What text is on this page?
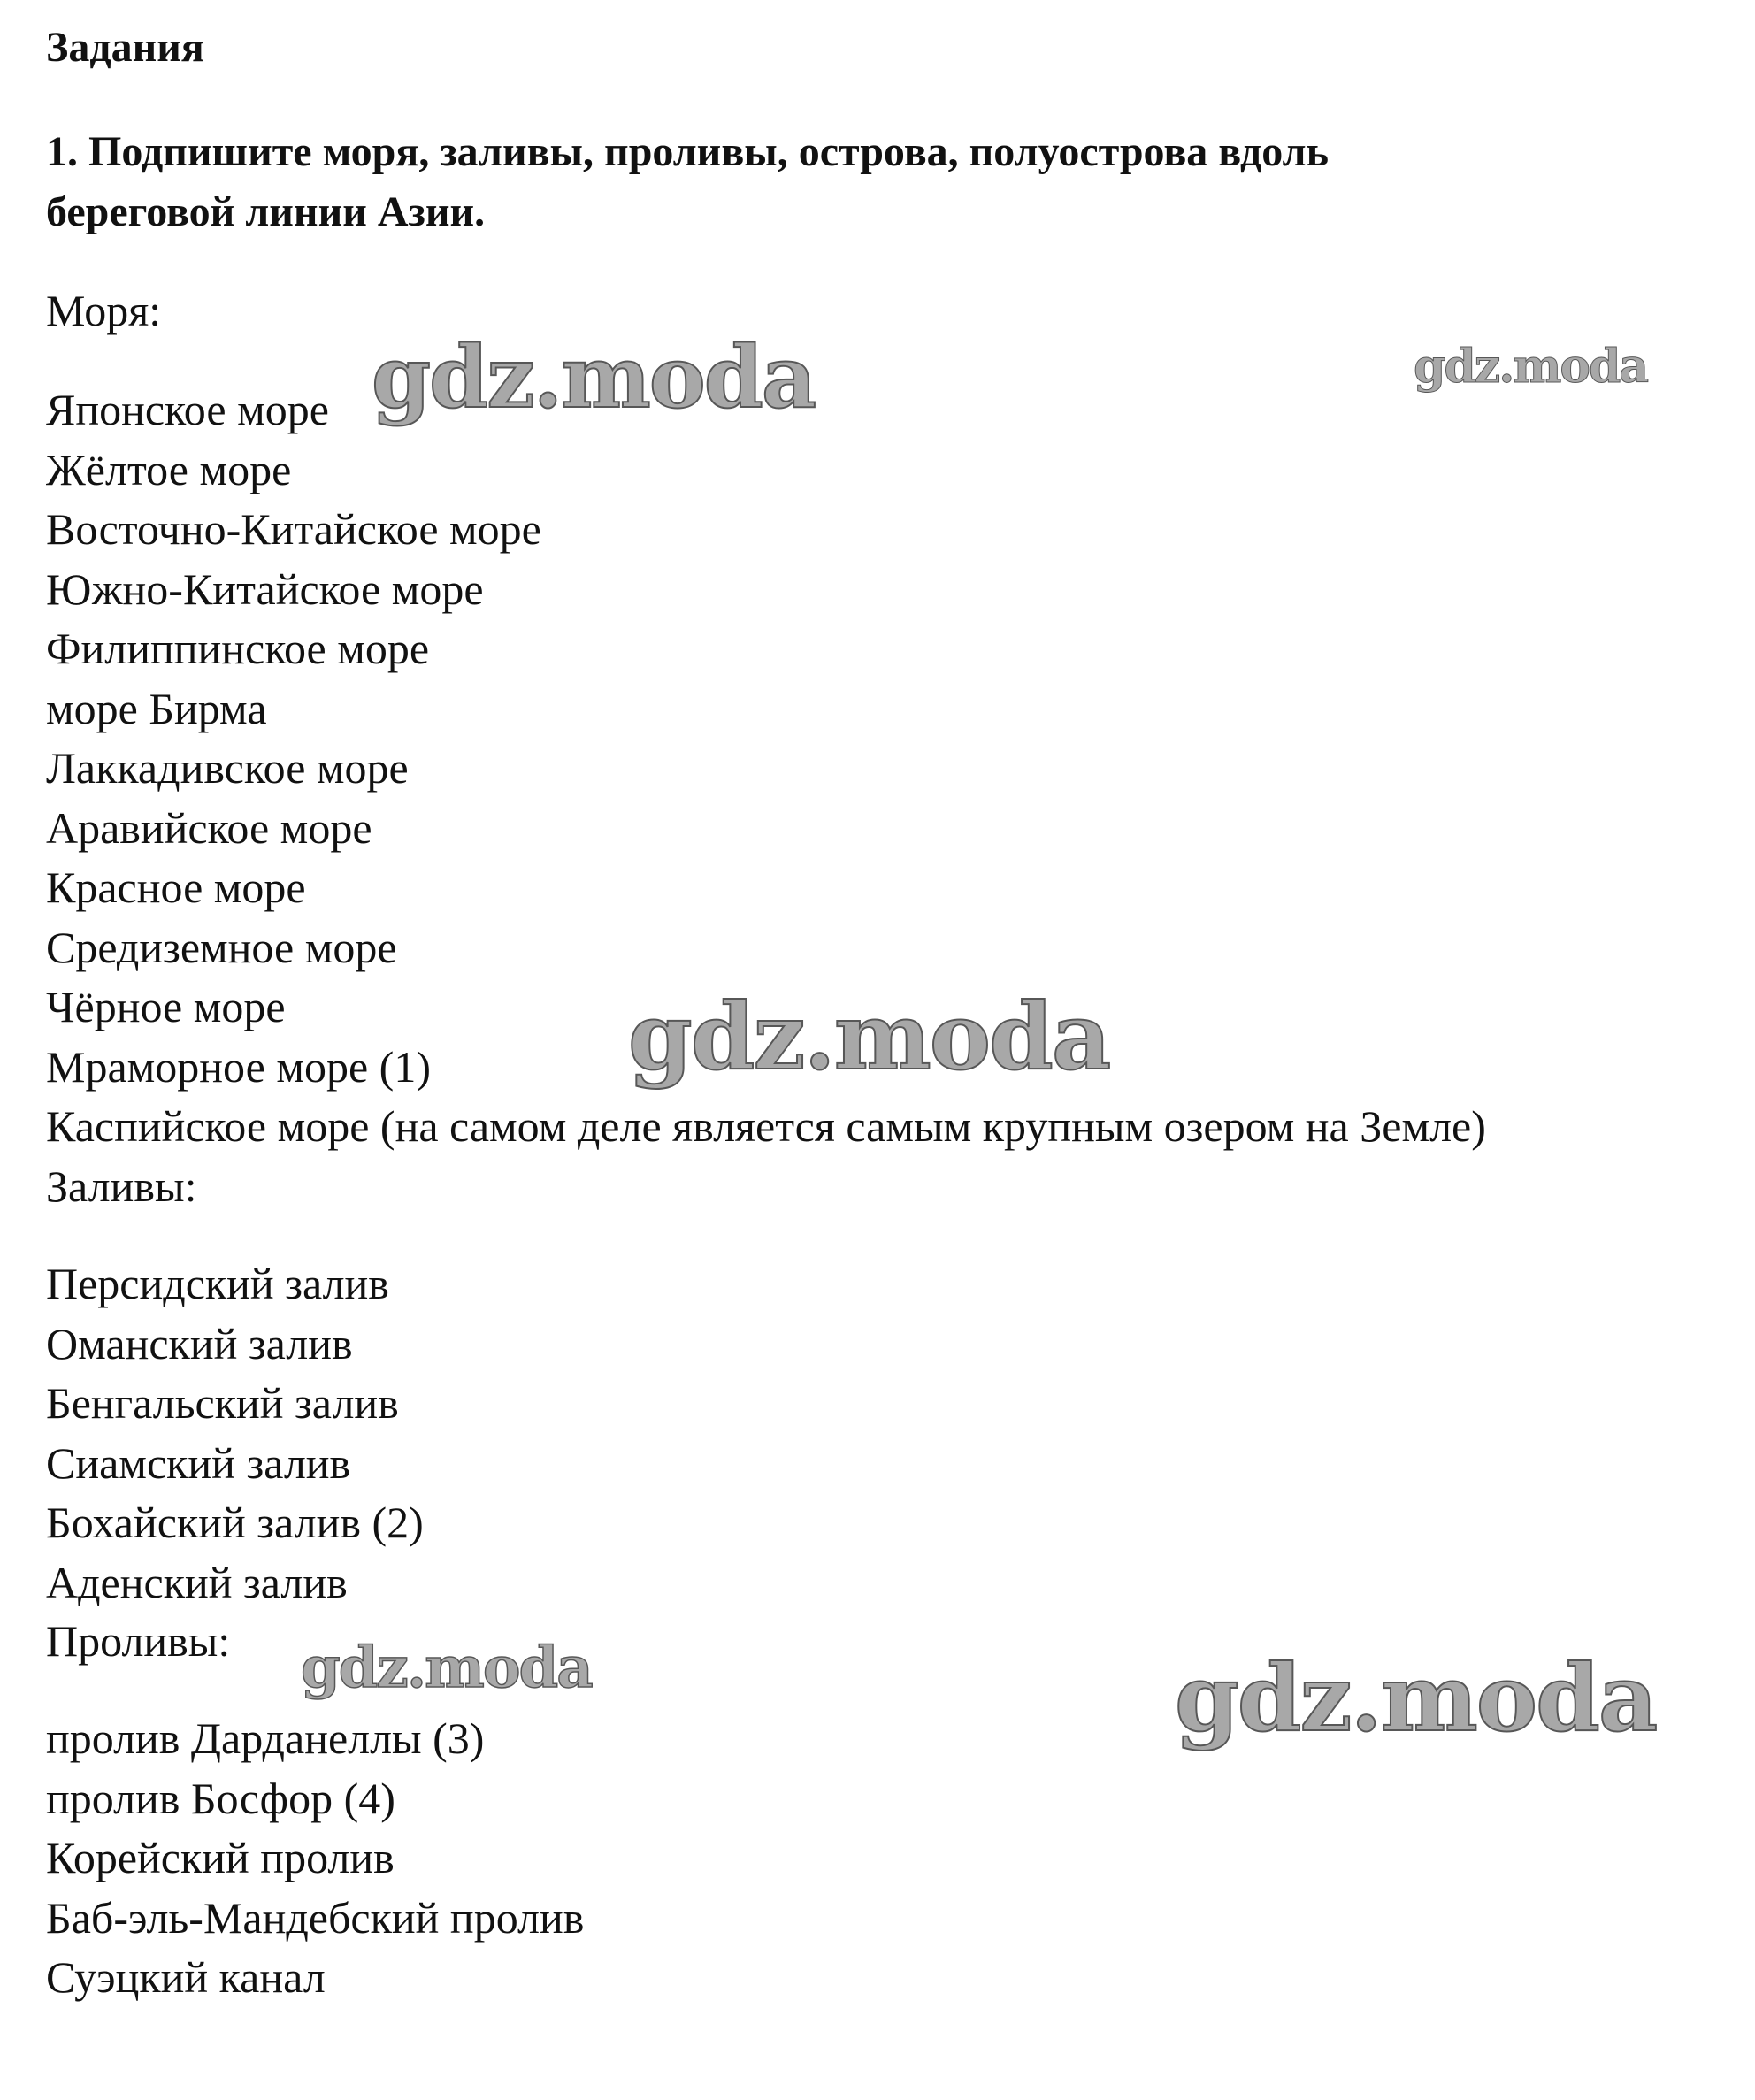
Задания
1. Подпишите моря, заливы, проливы, острова, полуострова вдоль
береговой линии Азии.

Моря:

Японское море
Жёлтое море
Восточно-Китайское море
Южно-Китайское море
Филиппинское море
море Бирма
Лаккадивское море
Аравийское море
Красное море
Средиземное море
Чёрное море
Мраморное море (1)
Каспийское море (на самом деле является самым крупным озером на Земле)

Заливы:

Персидский залив
Оманский залив
Бенгальский залив
Сиамский залив
Бохайский залив (2)
Аденский залив

Проливы:

пролив Дарданеллы (3)
пролив Босфор (4)
Корейский пролив
Баб-эль-Мандебский пролив
Суэцкий канал
gdz.moda	gdz.moda
gdz.moda
gdz.moda	gdz.moda
